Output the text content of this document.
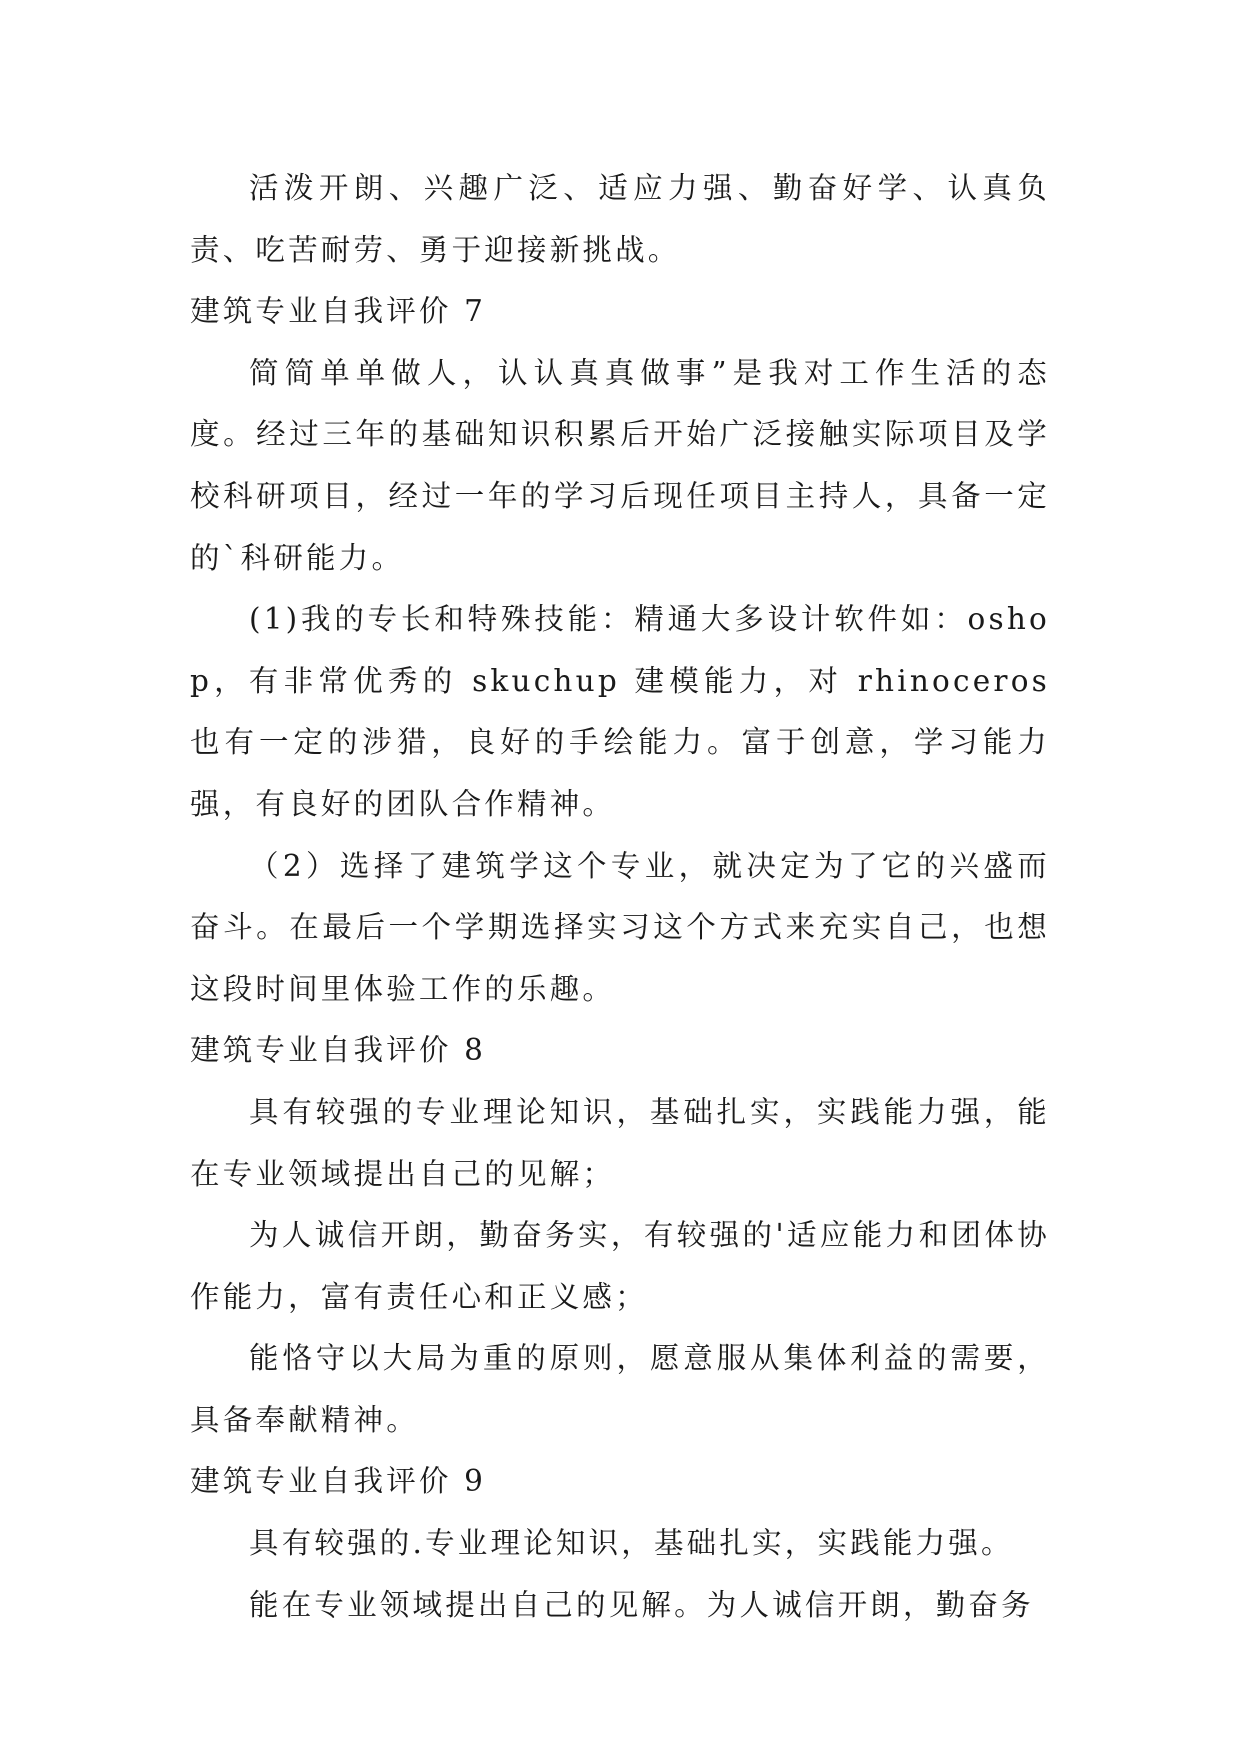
活泼开朗、兴趣广泛、适应力强、勤奋好学、认真负责、吃苦耐劳、勇于迎接新挑战。

建筑专业自我评价 7

简简单单做人，认认真真做事”是我对工作生活的态度。经过三年的基础知识积累后开始广泛接触实际项目及学校科研项目，经过一年的学习后现任项目主持人，具备一定的`科研能力。

(1)我的专长和特殊技能：精通大多设计软件如：oshop，有非常优秀的 skuchup 建模能力，对 rhinoceros 也有一定的涉猎，良好的手绘能力。富于创意，学习能力强，有良好的团队合作精神。

（2）选择了建筑学这个专业，就决定为了它的兴盛而奋斗。在最后一个学期选择实习这个方式来充实自己，也想这段时间里体验工作的乐趣。

建筑专业自我评价 8

具有较强的专业理论知识，基础扎实，实践能力强，能在专业领域提出自己的见解；

为人诚信开朗，勤奋务实，有较强的'适应能力和团体协作能力，富有责任心和正义感；

能恪守以大局为重的原则，愿意服从集体利益的需要，具备奉献精神。

建筑专业自我评价 9

具有较强的.专业理论知识，基础扎实，实践能力强。

能在专业领域提出自己的见解。为人诚信开朗，勤奋务
